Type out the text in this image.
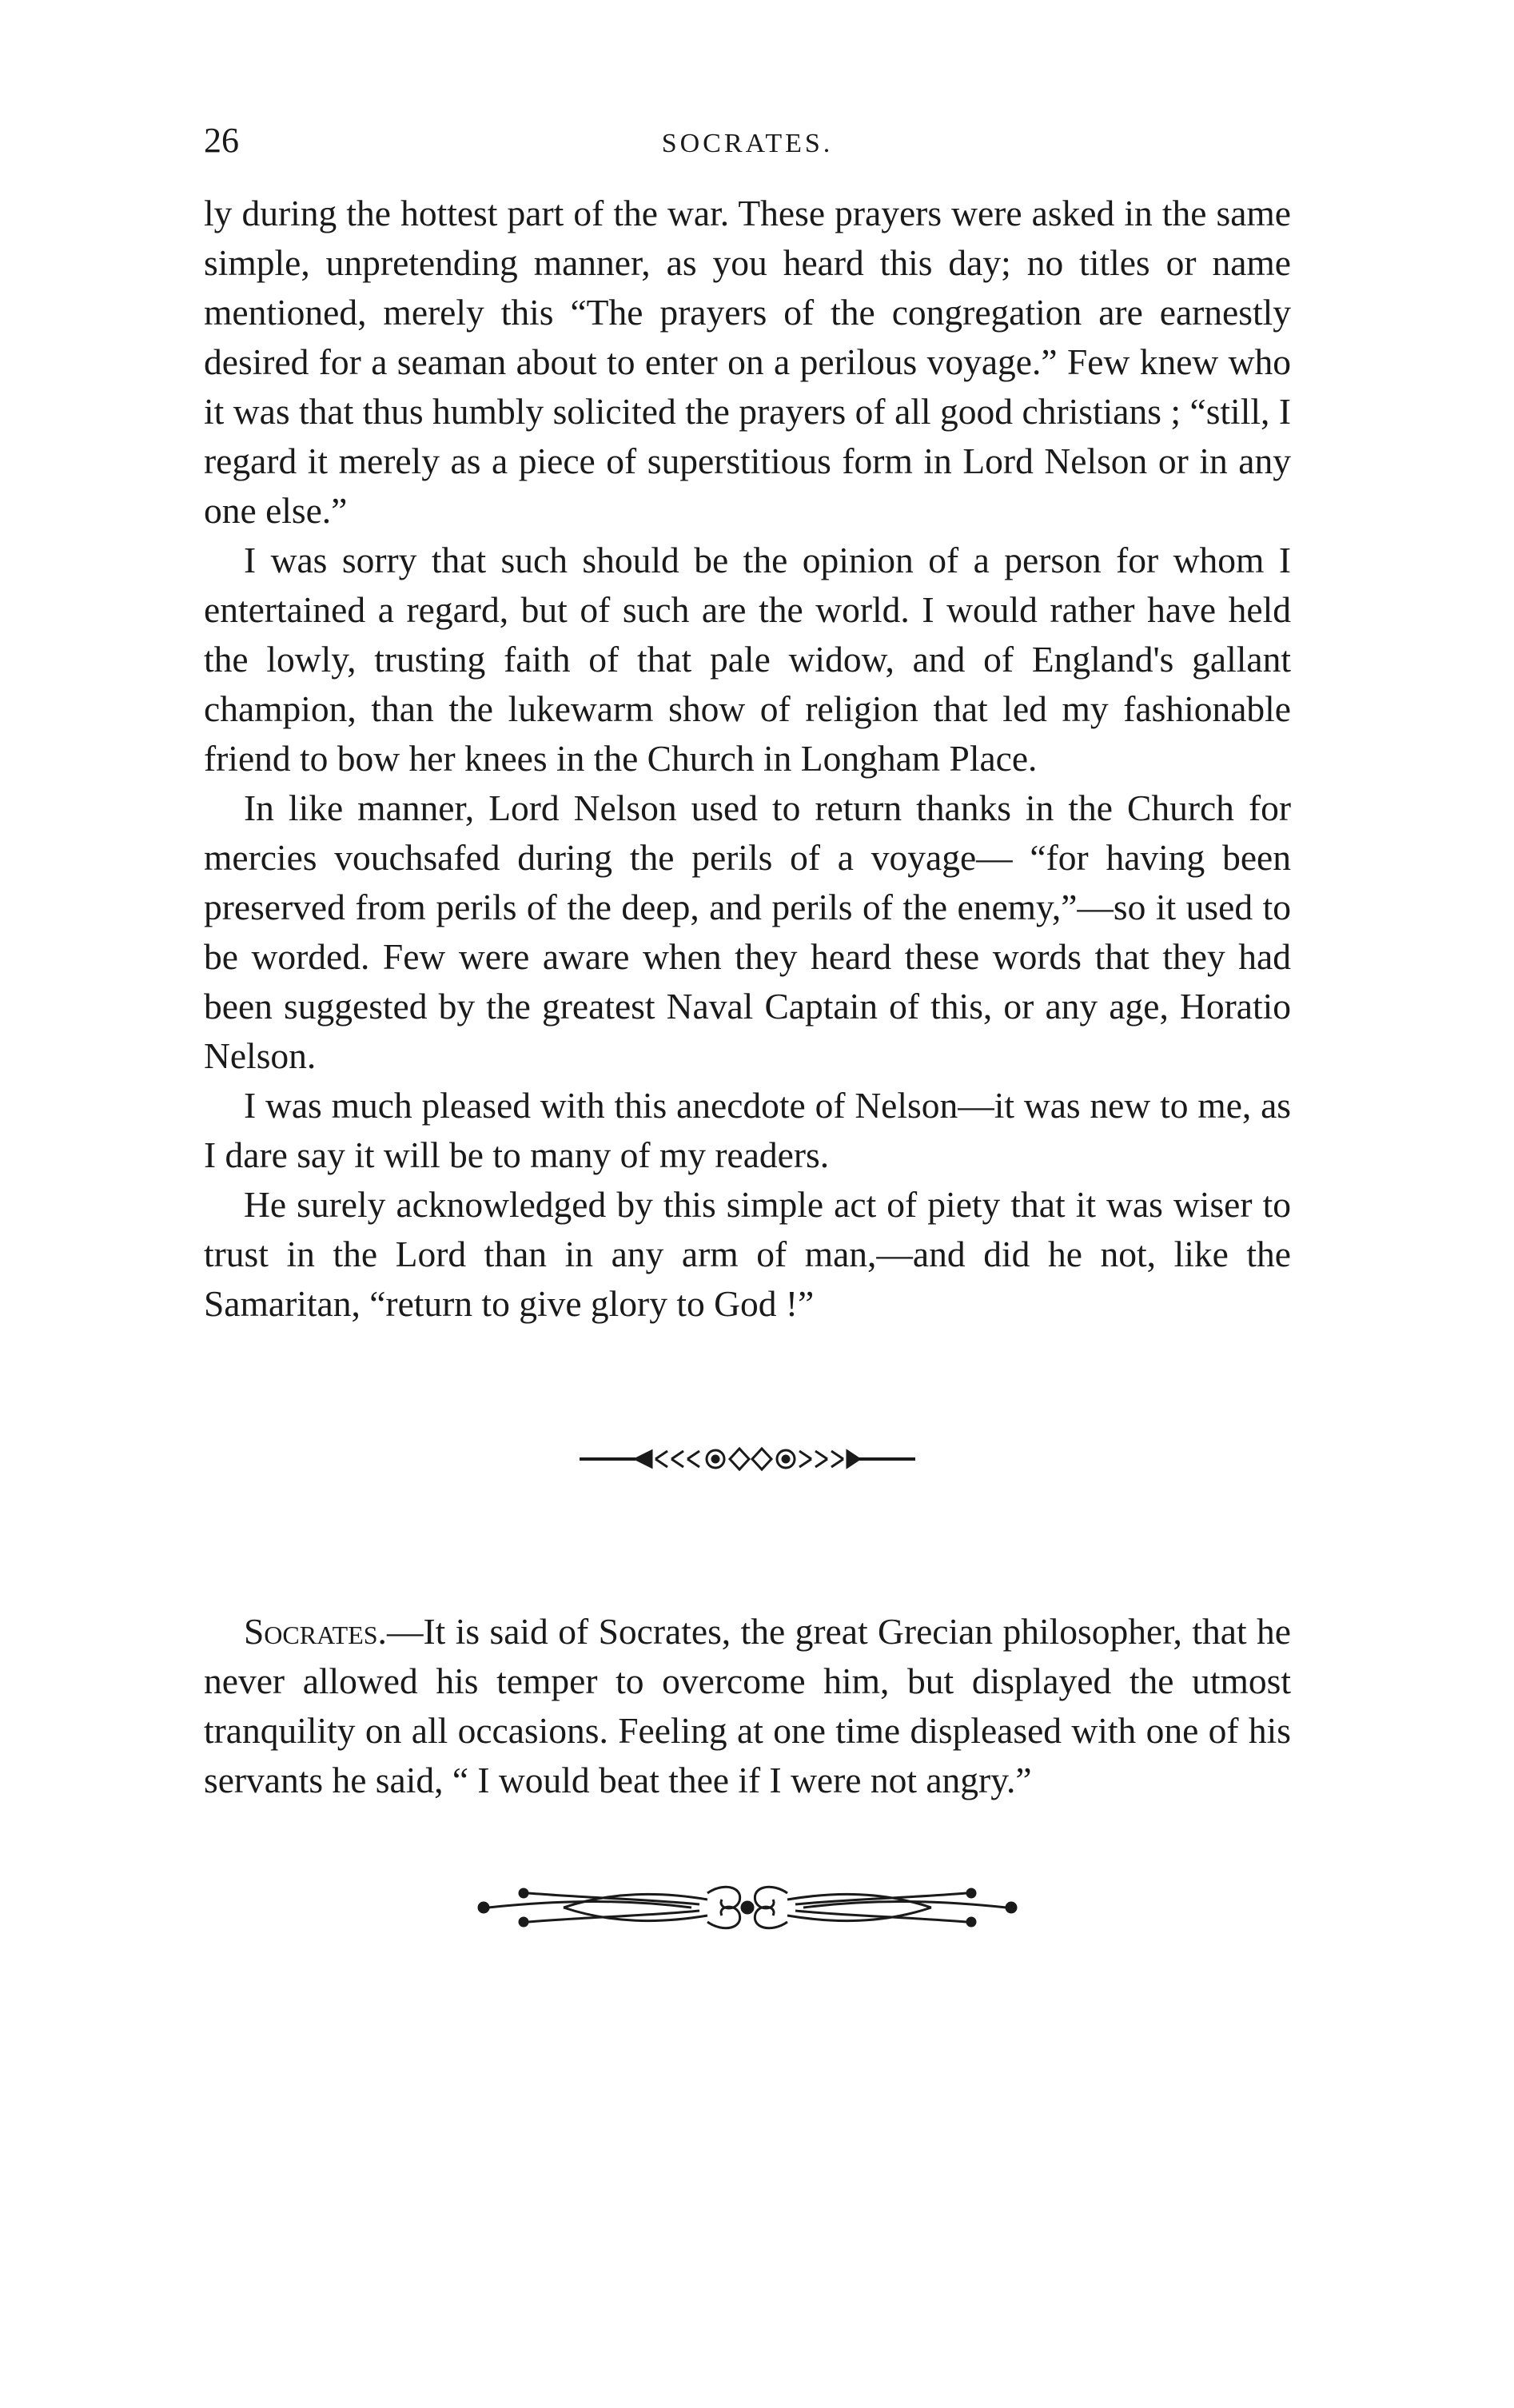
26	SOCRATES.

ly during the hottest part of the war. These prayers were asked in the same simple, unpretending manner, as you heard this day; no titles or name mentioned, merely this “The prayers of the congregation are earnestly desired for a seaman about to enter on a perilous voyage.” Few knew who it was that thus humbly solicited the prayers of all good christians ; “still, I regard it merely as a piece of superstitious form in Lord Nelson or in any one else.”

I was sorry that such should be the opinion of a person for whom I entertained a regard, but of such are the world. I would rather have held the lowly, trusting faith of that pale widow, and of England's gallant champion, than the lukewarm show of religion that led my fashionable friend to bow her knees in the Church in Longham Place.

In like manner, Lord Nelson used to return thanks in the Church for mercies vouchsafed during the perils of a voyage— “for having been preserved from perils of the deep, and perils of the enemy,”—so it used to be worded. Few were aware when they heard these words that they had been suggested by the greatest Naval Captain of this, or any age, Horatio Nelson.

I was much pleased with this anecdote of Nelson—it was new to me, as I dare say it will be to many of my readers.

He surely acknowledged by this simple act of piety that it was wiser to trust in the Lord than in any arm of man,—and did he not, like the Samaritan, “return to give glory to God !”

Socrates.—It is said of Socrates, the great Grecian philosopher, that he never allowed his temper to overcome him, but displayed the utmost tranquility on all occasions. Feeling at one time displeased with one of his servants he said, “ I would beat thee if I were not angry.”
